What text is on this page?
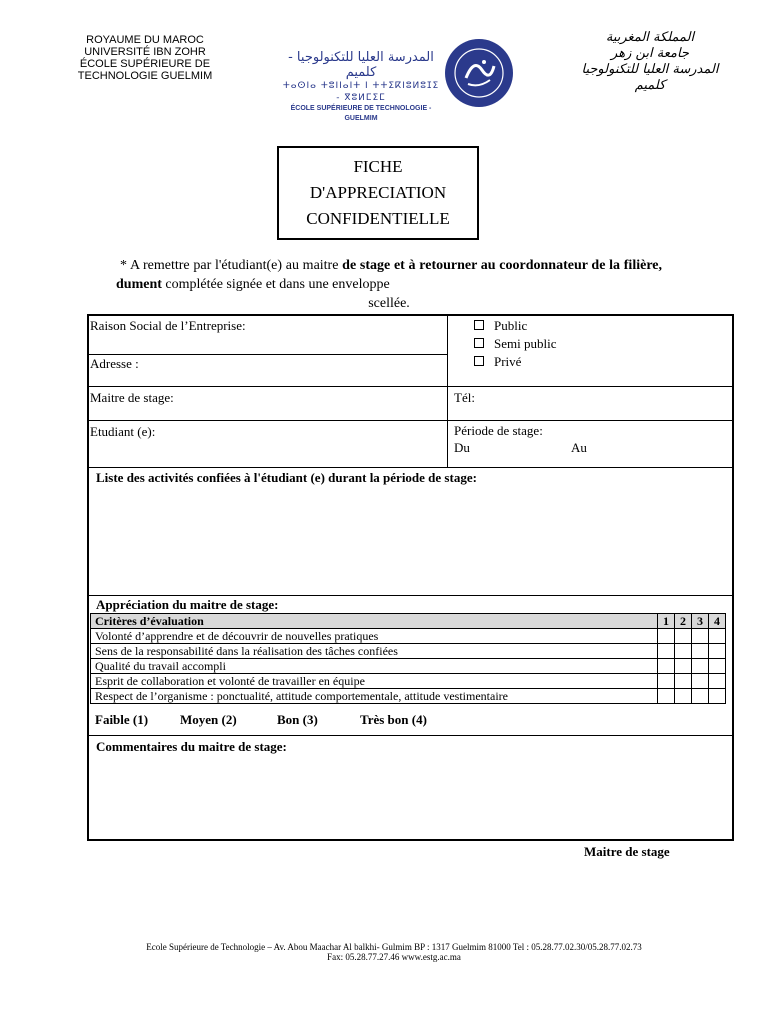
ROYAUME DU MAROC
UNIVERSITÉ IBN ZOHR
ÉCOLE SUPÉRIEURE DE
TECHNOLOGIE GUELMIM
المدرسة العليا للتكنولوجيا - كلميم
ⵜⴰⵙⵏⴰ ⵜⵓⵏⵏⴰⵏⵜ ⵏ ⵜⵜⵉⴽⵏⵓⵍⵓⵊⵉ - ⴳⵓⵍⵎⵉⵎ
ÉCOLE SUPÉRIEURE DE TECHNOLOGIE - GUELMIM
المملكة المغربية
جامعة ابن زهر
المدرسة العليا للتكنولوجيا
كلميم
FICHE
D'APPRECIATION
CONFIDENTIELLE
* A remettre par l'étudiant(e) au maitre de stage et à retourner au coordonnateur de la filière, dument complétée signée et dans une enveloppe
scellée.
Raison Social de l’Entreprise:
Adresse :
Public
Semi public
Privé
Maitre de stage:	Tél:
Etudiant (e):	Période de stage:
Du	Au
Liste des activités confiées à l'étudiant (e) durant la période de stage:
Appréciation du maitre de stage:
Critères d’évaluation	1	2	3	4
Volonté d’apprendre et de découvrir de nouvelles pratiques				
Sens de la responsabilité dans la réalisation des tâches confiées				
Qualité du travail accompli				
Esprit de collaboration et volonté de travailler en équipe				
Respect de l’organisme : ponctualité, attitude comportementale, attitude vestimentaire				
Faible (1) Moyen (2)	Bon (3)	Très bon (4)
Commentaires du maitre de stage:
Maitre de stage
Ecole Supérieure de Technologie – Av. Abou Maachar Al balkhi- Gulmim BP : 1317 Guelmim 81000 Tel : 05.28.77.02.30/05.28.77.02.73
Fax: 05.28.77.27.46 www.estg.ac.ma
